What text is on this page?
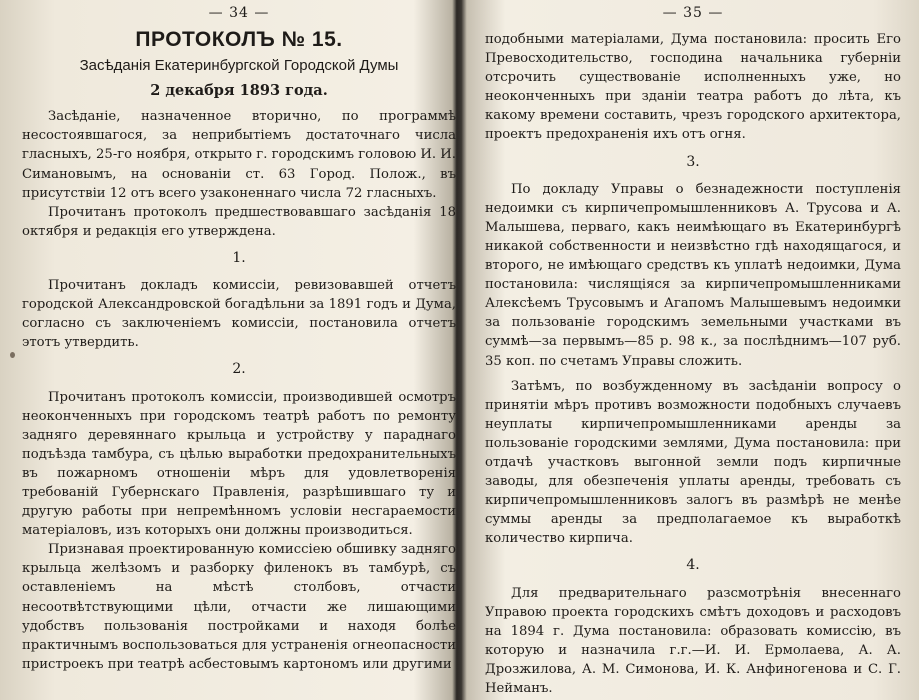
— 34 —
ПРОТОКОЛЪ № 15.
Засѣданія Екатеринбургской Городской Думы
2 декабря 1893 года.

Засѣданіе, назначенное вторично, по программѣ несостоявшагося, за неприбытіемъ достаточнаго числа гласныхъ, 25-го ноября, открыто г. городскимъ головою И. И. Симановымъ, на основаніи ст. 63 Город. Полож., въ присутствіи 12 отъ всего узаконеннаго числа 72 гласныхъ.

Прочитанъ протоколъ предшествовавшаго засѣданія 18 октября и редакція его утверждена.

1.

Прочитанъ докладъ комиссіи, ревизовавшей отчетъ городской Александровской богадѣльни за 1891 годъ и Дума, согласно съ заключеніемъ комиссіи, постановила отчетъ этотъ утвердить.

2.

Прочитанъ протоколъ комиссіи, производившей осмотръ неоконченныхъ при городскомъ театрѣ работъ по ремонту задняго деревяннаго крыльца и устройству у параднаго подъѣзда тамбура, съ цѣлью выработки предохранительныхъ въ пожарномъ отношеніи мѣръ для удовлетворенія требованій Губернскаго Правленія, разрѣшившаго ту и другую работы при непремѣнномъ условіи несгараемости матеріаловъ, изъ которыхъ они должны производиться.

Признавая проектированную комиссіею обшивку задняго крыльца желѣзомъ и разборку филенокъ въ тамбурѣ, съ оставленіемъ на мѣстѣ столбовъ, отчасти несоотвѣтствующими цѣли, отчасти же лишающими удобствъ пользованія постройками и находя болѣе практичнымъ воспользоваться для устраненія огнеопасности пристроекъ при театрѣ асбестовымъ картономъ или другими

— 35 —

подобными матеріалами, Дума постановила: просить Его Превосходительство, господина начальника губерніи отсрочить существованіе исполненныхъ уже, но неоконченныхъ при зданіи театра работъ до лѣта, къ какому времени составить, чрезъ городского архитектора, проектъ предохраненія ихъ отъ огня.

3.

По докладу Управы о безнадежности поступленія недоимки съ кирпичепромышленниковъ А. Трусова и А. Малышева, перваго, какъ неимѣющаго въ Екатеринбургѣ никакой собственности и неизвѣстно гдѣ находящагося, и второго, не имѣющаго средствъ къ уплатѣ недоимки, Дума постановила: числящіяся за кирпичепромышленниками Алексѣемъ Трусовымъ и Агапомъ Малышевымъ недоимки за пользованіе городскимъ земельными участками въ суммѣ—за первымъ—85 р. 98 к., за послѣднимъ—107 руб. 35 коп. по счетамъ Управы сложить.

Затѣмъ, по возбужденному въ засѣданіи вопросу о принятіи мѣръ противъ возможности подобныхъ случаевъ неуплаты кирпичепромышленниками аренды за пользованіе городскими землями, Дума постановила: при отдачѣ участковъ выгонной земли подъ кирпичные заводы, для обезпеченія уплаты аренды, требовать съ кирпичепромышленниковъ залогъ въ размѣрѣ не менѣе суммы аренды за предполагаемое къ выработкѣ количество кирпича.

4.

Для предварительнаго разсмотрѣнія внесеннаго Управою проекта городскихъ смѣтъ доходовъ и расходовъ на 1894 г. Дума постановила: образовать комиссію, въ которую и назначила г.г.—И. И. Ермолаева, А. А. Дрозжилова, А. М. Симонова, И. К. Анфиногенова и С. Г. Нейманъ.
